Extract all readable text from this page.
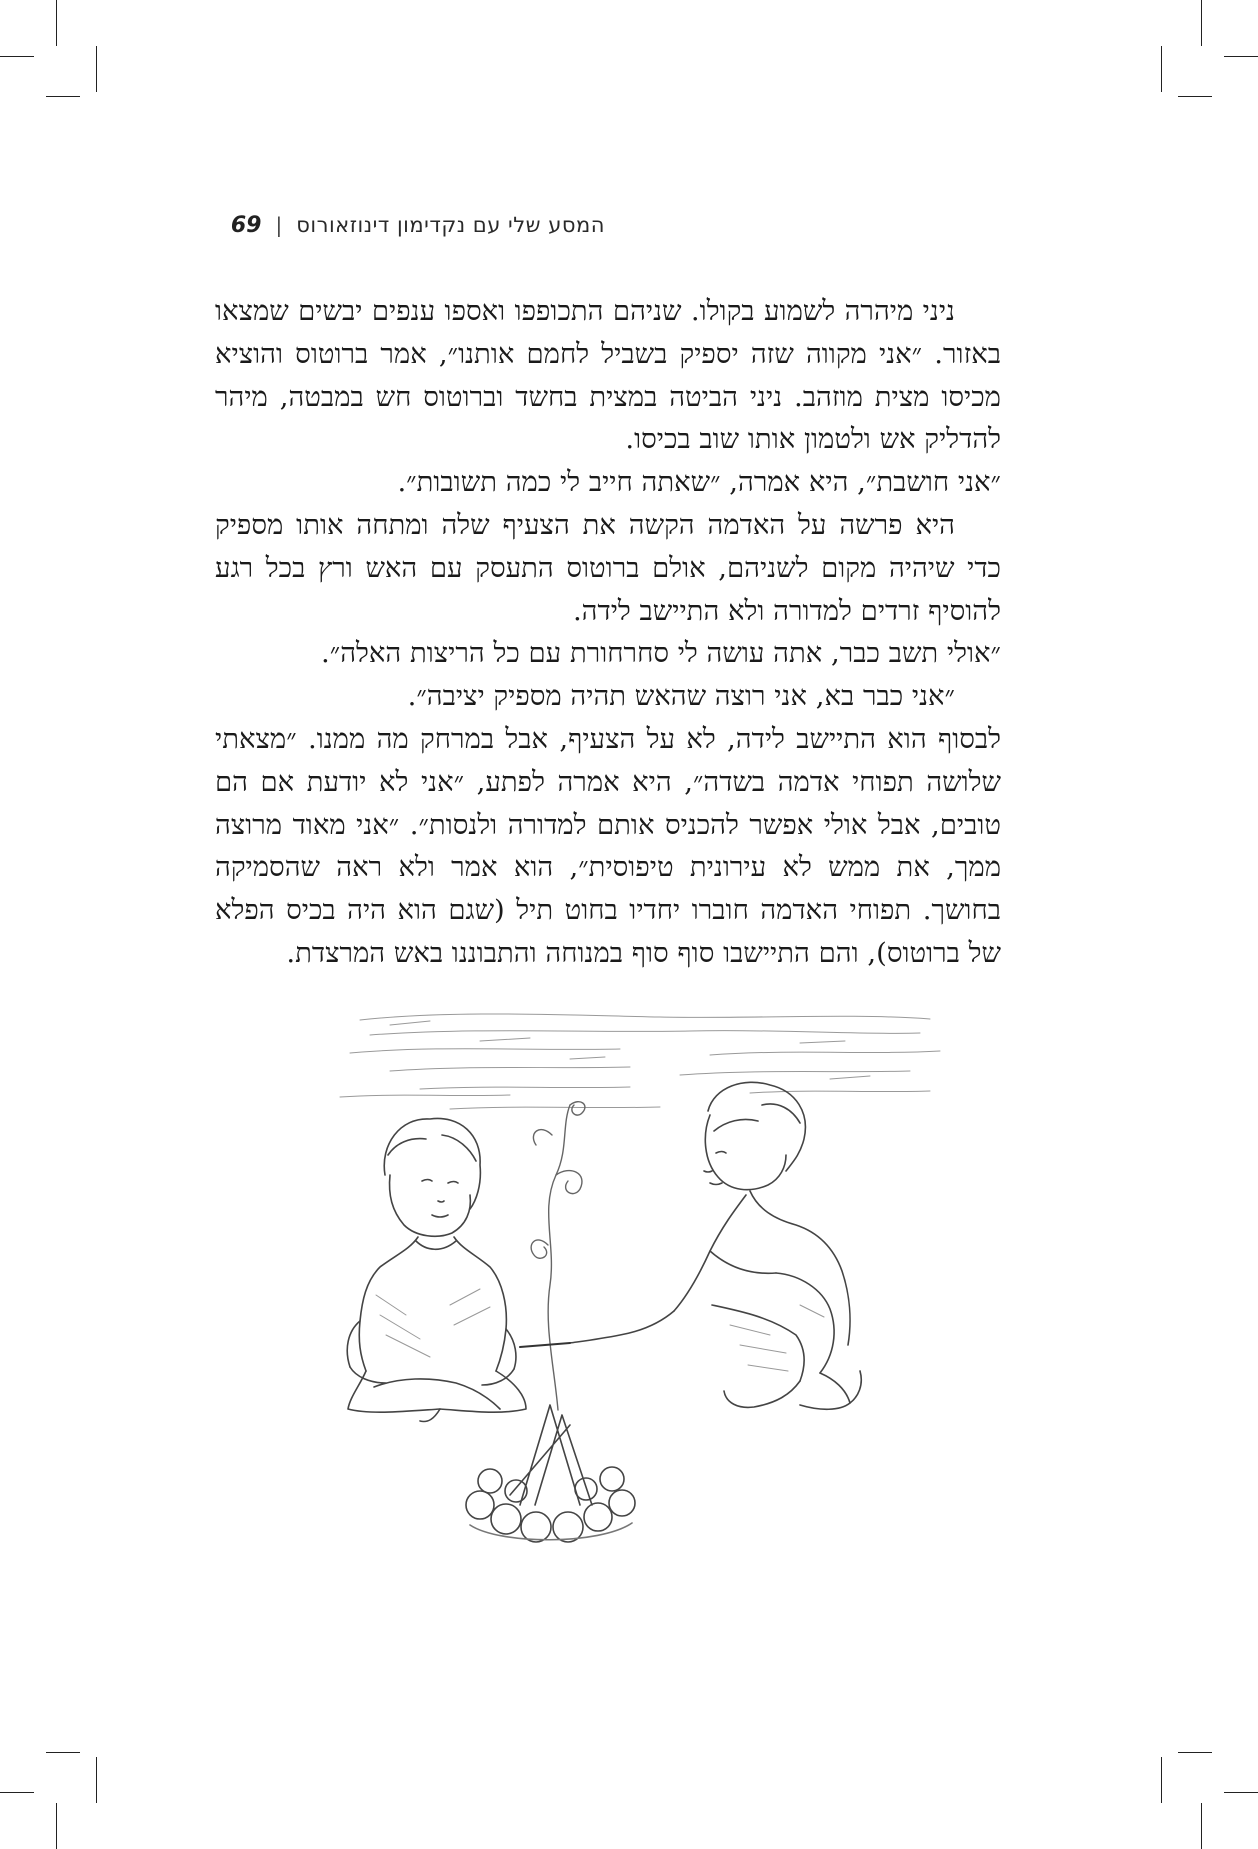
המסע שלי עם נקדימון דינוזאורוס
|
69

ניני מיהרה לשמוע בקולו. שניהם התכופפו ואספו ענפים יבשים שמצאו באזור. ״אני מקווה שזה יספיק בשביל לחמם אותנו״, אמר ברוטוס והוציא מכיסו מצית מוזהב. ניני הביטה במצית בחשד וברוטוס חש במבטה, מיהר להדליק אש ולטמון אותו שוב בכיסו.

״אני חושבת״, היא אמרה, ״שאתה חייב לי כמה תשובות״.

היא פרשה על האדמה הקשה את הצעיף שלה ומתחה אותו מספיק כדי שיהיה מקום לשניהם, אולם ברוטוס התעסק עם האש ורץ בכל רגע להוסיף זרדים למדורה ולא התיישב לידה.

״אולי תשב כבר, אתה עושה לי סחרחורת עם כל הריצות האלה״.

״אני כבר בא, אני רוצה שהאש תהיה מספיק יציבה״.

לבסוף הוא התיישב לידה, לא על הצעיף, אבל במרחק מה ממנו. ״מצאתי שלושה תפוחי אדמה בשדה״, היא אמרה לפתע, ״אני לא יודעת אם הם טובים, אבל אולי אפשר להכניס אותם למדורה ולנסות״. ״אני מאוד מרוצה ממך, את ממש לא עירונית טיפוסית״, הוא אמר ולא ראה שהסמיקה בחושך. תפוחי האדמה חוברו יחדיו בחוט תיל (שגם הוא היה בכיס הפלא של ברוטוס), והם התיישבו סוף סוף במנוחה והתבוננו באש המרצדת.
